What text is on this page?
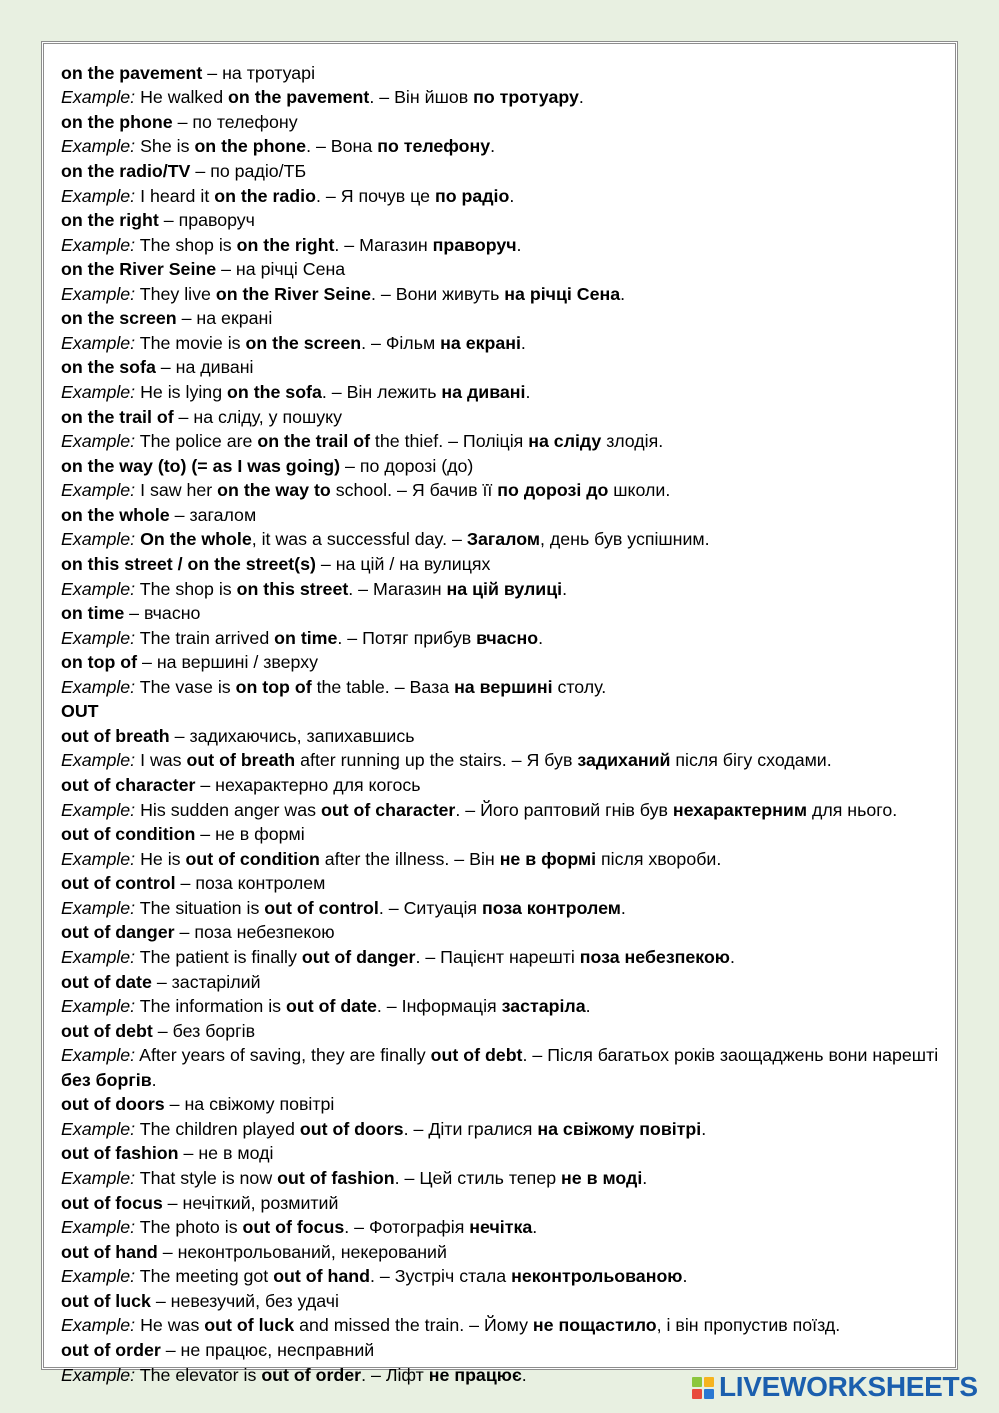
on the pavement – на тротуарі
Example: He walked on the pavement. – Він йшов по тротуару.
on the phone – по телефону
Example: She is on the phone. – Вона по телефону.
on the radio/TV – по радіо/ТБ
Example: I heard it on the radio. – Я почув це по радіо.
on the right – праворуч
Example: The shop is on the right. – Магазин праворуч.
on the River Seine – на річці Сена
Example: They live on the River Seine. – Вони живуть на річці Сена.
on the screen – на екрані
Example: The movie is on the screen. – Фільм на екрані.
on the sofa – на дивані
Example: He is lying on the sofa. – Він лежить на дивані.
on the trail of – на сліду, у пошуку
Example: The police are on the trail of the thief. – Поліція на сліду злодія.
on the way (to) (= as I was going) – по дорозі (до)
Example: I saw her on the way to school. – Я бачив її по дорозі до школи.
on the whole – загалом
Example: On the whole, it was a successful day. – Загалом, день був успішним.
on this street / on the street(s) – на цій / на вулицях
Example: The shop is on this street. – Магазин на цій вулиці.
on time – вчасно
Example: The train arrived on time. – Потяг прибув вчасно.
on top of – на вершині / зверху
Example: The vase is on top of the table. – Ваза на вершині столу.
OUT
out of breath – задихаючись, запихавшись
Example: I was out of breath after running up the stairs. – Я був задиханий після бігу сходами.
out of character – нехарактерно для когось
Example: His sudden anger was out of character. – Його раптовий гнів був нехарактерним для нього.
out of condition – не в формі
Example: He is out of condition after the illness. – Він не в формі після хвороби.
out of control – поза контролем
Example: The situation is out of control. – Ситуація поза контролем.
out of danger – поза небезпекою
Example: The patient is finally out of danger. – Пацієнт нарешті поза небезпекою.
out of date – застарілий
Example: The information is out of date. – Інформація застаріла.
out of debt – без боргів
Example: After years of saving, they are finally out of debt. – Після багатьох років заощаджень вони нарешті
без боргів.
out of doors – на свіжому повітрі
Example: The children played out of doors. – Діти гралися на свіжому повітрі.
out of fashion – не в моді
Example: That style is now out of fashion. – Цей стиль тепер не в моді.
out of focus – нечіткий, розмитий
Example: The photo is out of focus. – Фотографія нечітка.
out of hand – неконтрольований, некерований
Example: The meeting got out of hand. – Зустріч стала неконтрольованою.
out of luck – невезучий, без удачі
Example: He was out of luck and missed the train. – Йому не пощастило, і він пропустив поїзд.
out of order – не працює, несправний
Example: The elevator is out of order. – Ліфт не працює.	LIVEWORKSHEETS
